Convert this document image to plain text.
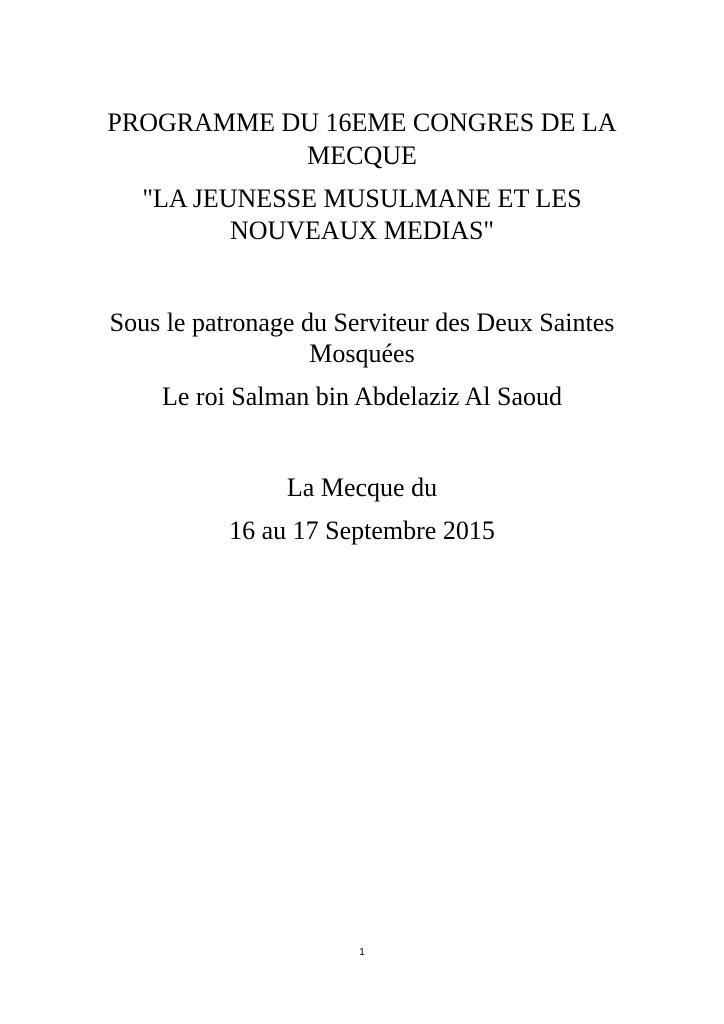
PROGRAMME DU 16EME CONGRES DE LA
MECQUE
"LA JEUNESSE MUSULMANE ET LES
NOUVEAUX MEDIAS"
Sous le patronage du Serviteur des Deux Saintes
Mosquées
Le roi Salman bin Abdelaziz Al Saoud
La Mecque du
16 au 17 Septembre 2015
1
